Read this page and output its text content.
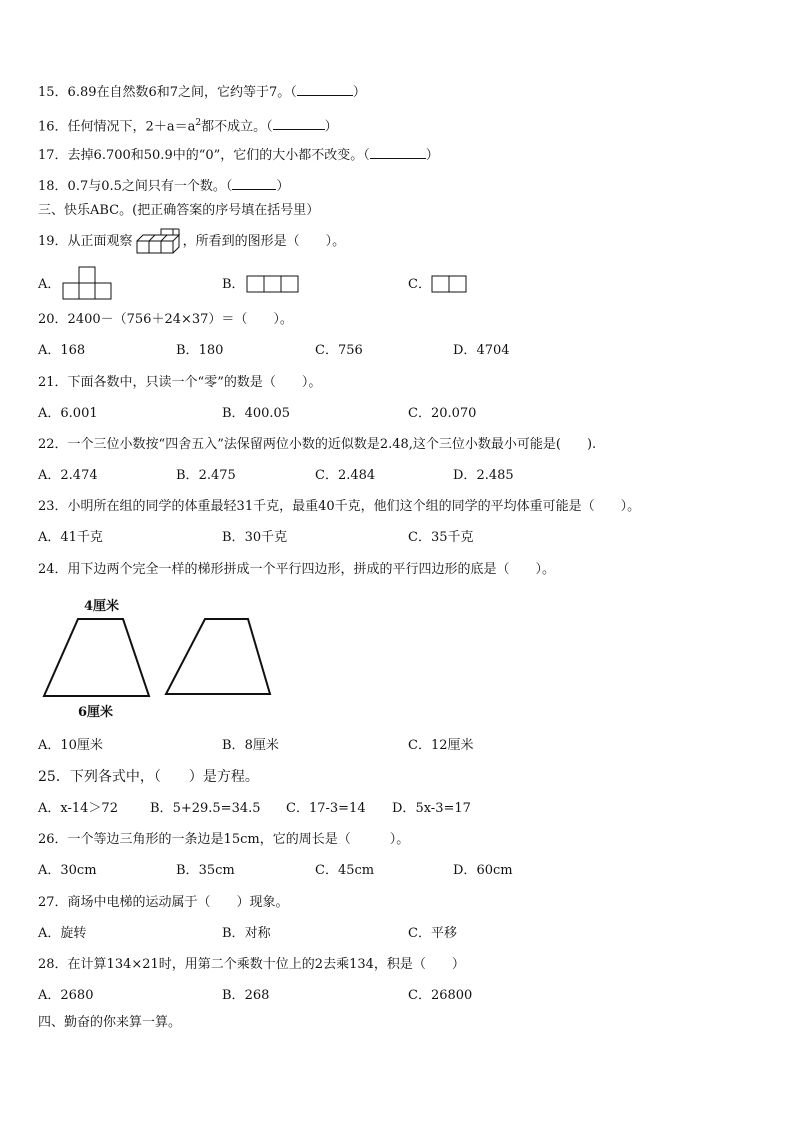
15．6.89在自然数6和7之间，它约等于7。（	）
16．任何情况下，$2+a=a^2$都不成立。（	）
17．去掉6.700和50.9中的“0”，它们的大小都不改变。（	）
18．0.7与0.5之间只有一个数。（	）
三、快乐ABC。(把正确答案的序号填在括号里）
19．从正面观察	，所看到的图形是（　　）。
A．	B．	C．
20．2400－（756＋24×37）＝（　　）。
A．168	B．180	C．756	D．4704
21．下面各数中，只读一个“零”的数是（　　）。
A．6.001	B．400.05	C．20.070
22．一个三位小数按“四舍五入”法保留两位小数的近似数是2.48,这个三位小数最小可能是(　　).
A．2.474	B．2.475	C．2.484	D．2.485
23．小明所在组的同学的体重最轻31千克，最重40千克，他们这个组的同学的平均体重可能是（　　）。
A．41千克	B．30千克	C．35千克
24．用下边两个完全一样的梯形拼成一个平行四边形，拼成的平行四边形的底是（　　）。
4厘米
6厘米
A．10厘米	B．8厘米	C．12厘米
25．下列各式中，（　　）是方程。
A．x-14＞72 B．5+29.5=34.5 C．17-3=14 D．5x-3=17
26．一个等边三角形的一条边是15cm，它的周长是（　　　）。
A．30cm	B．35cm	C．45cm	D．60cm
27．商场中电梯的运动属于（　　）现象。
A．旋转	B．对称	C．平移
28．在计算134×21时，用第二个乘数十位上的2去乘134，积是（　　）
A．2680	B．268	C．26800
四、勤奋的你来算一算。
